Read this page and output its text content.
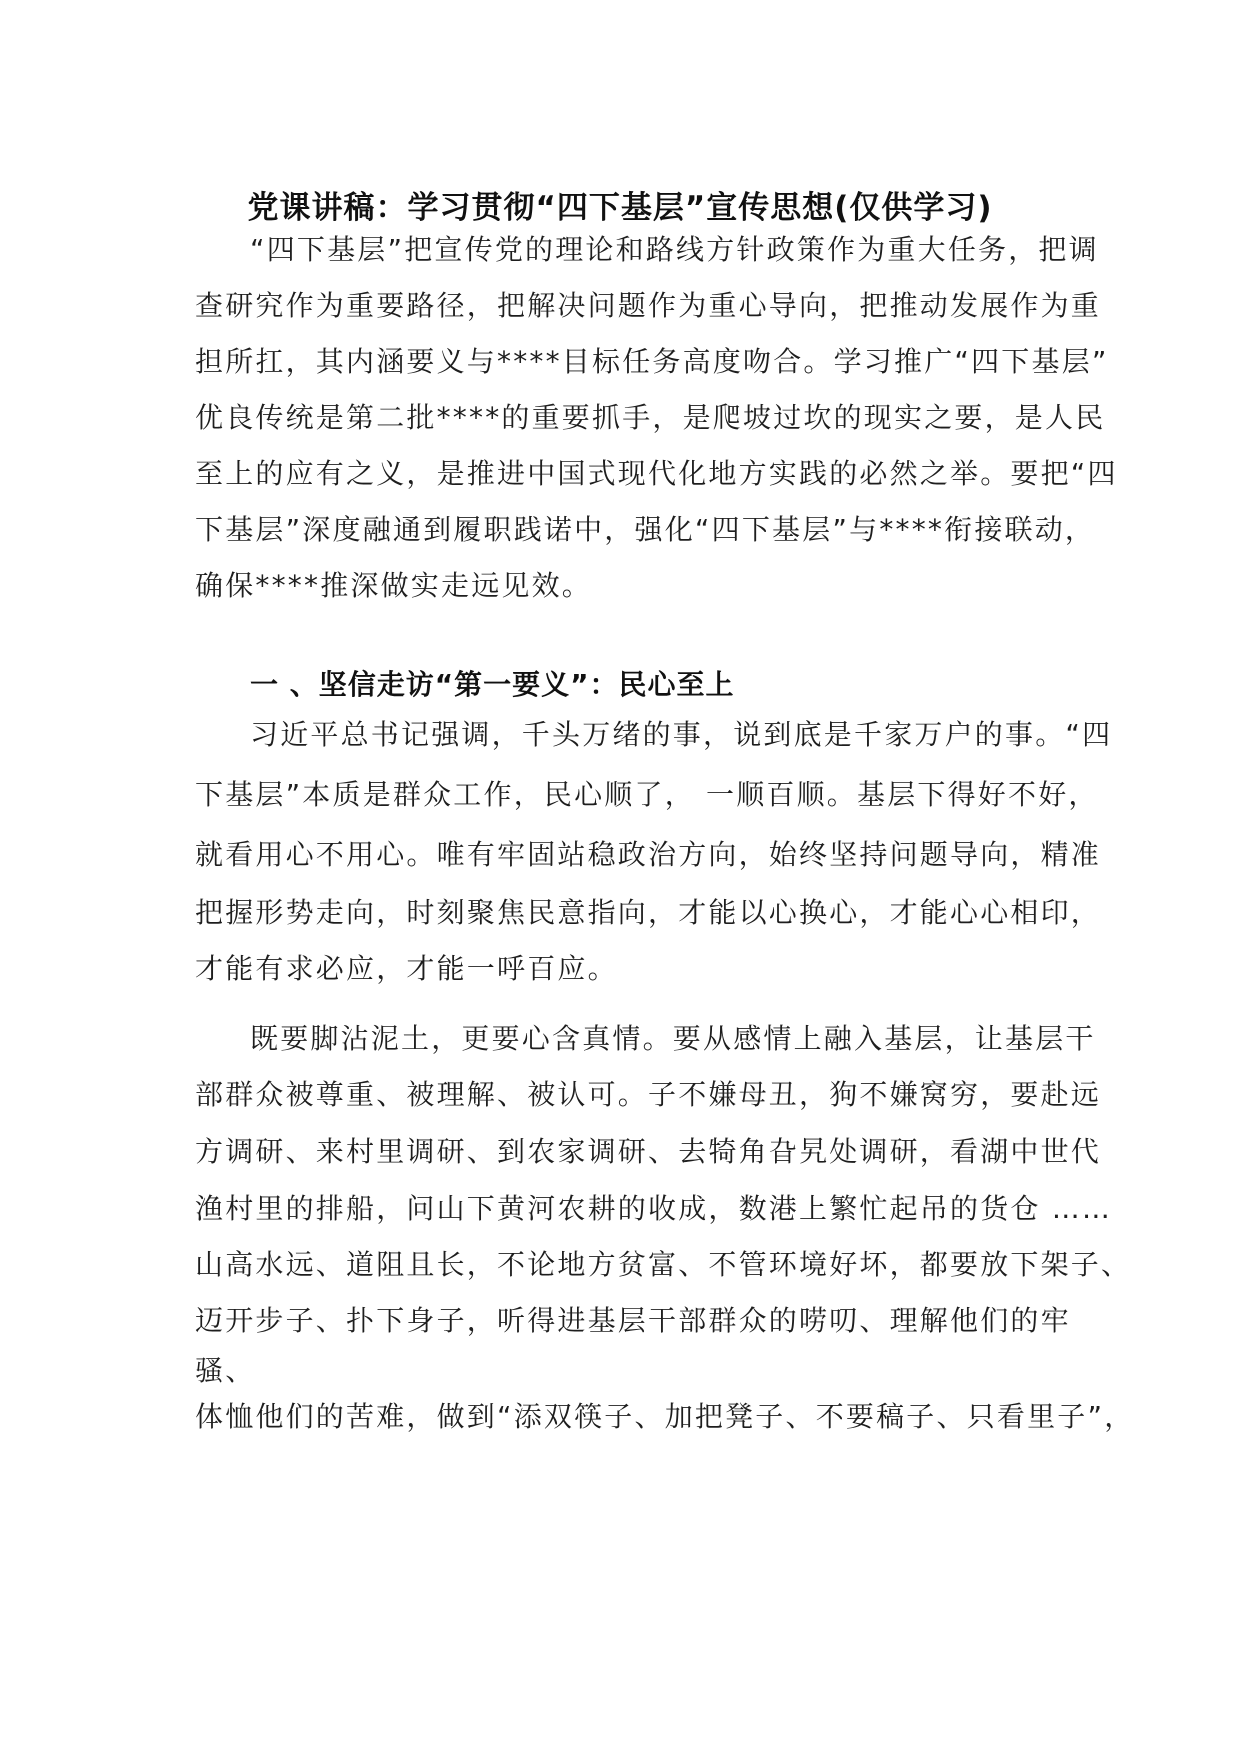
党课讲稿：学习贯彻“四下基层”宣传思想(仅供学习)
“四下基层”把宣传党的理论和路线方针政策作为重大任务，把调
查研究作为重要路径，把解决问题作为重心导向，把推动发展作为重
担所扛，其内涵要义与****目标任务高度吻合。学习推广“四下基层”
优良传统是第二批****的重要抓手，是爬坡过坎的现实之要，是人民
至上的应有之义，是推进中国式现代化地方实践的必然之举。要把“四
下基层”深度融通到履职践诺中，强化“四下基层”与****衔接联动，
确保****推深做实走远见效。
一 、坚信走访“第一要义”：民心至上
习近平总书记强调，千头万绪的事，说到底是千家万户的事。“四
下基层”本质是群众工作，民心顺了， 一顺百顺。基层下得好不好，
就看用心不用心。唯有牢固站稳政治方向，始终坚持问题导向，精准
把握形势走向，时刻聚焦民意指向，才能以心换心，才能心心相印，
才能有求必应，才能一呼百应。
既要脚沾泥土，更要心含真情。要从感情上融入基层，让基层干
部群众被尊重、被理解、被认可。子不嫌母丑，狗不嫌窝穷，要赴远
方调研、来村里调研、到农家调研、去犄角旮旯处调研，看湖中世代
渔村里的排船，问山下黄河农耕的收成，数港上繁忙起吊的货仓 ……
山高水远、道阻且长，不论地方贫富、不管环境好坏，都要放下架子、
迈开步子、扑下身子，听得进基层干部群众的唠叨、理解他们的牢
骚、
体恤他们的苦难，做到“添双筷子、加把凳子、不要稿子、只看里子”，
